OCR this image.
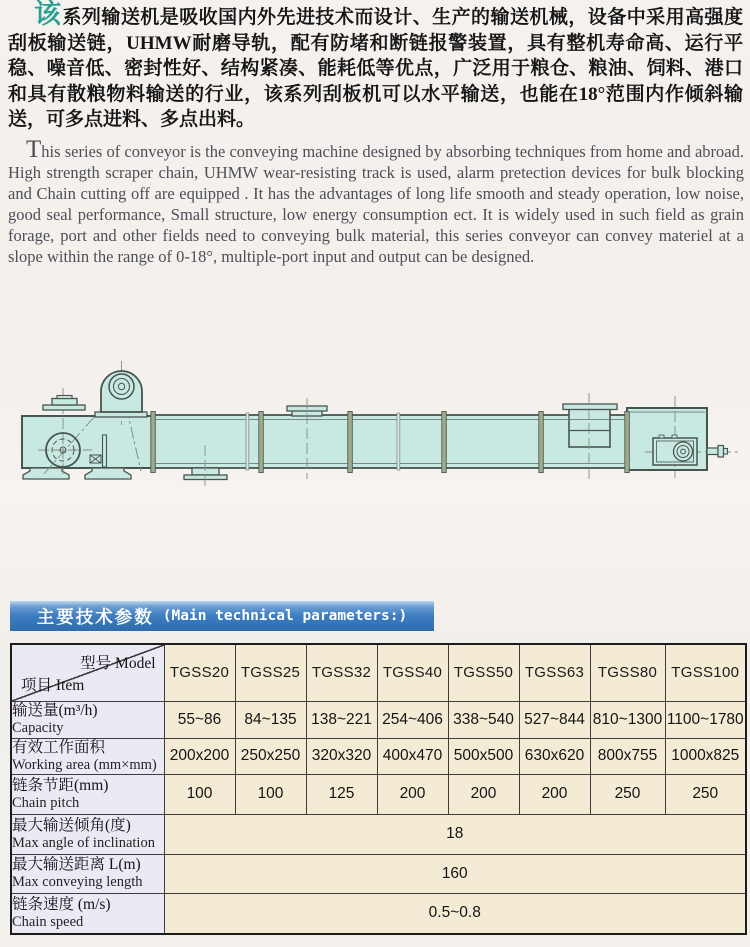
该系列输送机是吸收国内外先进技术而设计、生产的输送机械，设备中采用高强度刮板输送链，UHMW耐磨导轨，配有防堵和断链报警装置，具有整机寿命高、运行平稳、噪音低、密封性好、结构紧凑、能耗低等优点，广泛用于粮仓、粮油、饲料、港口和具有散粮物料输送的行业，该系列刮板机可以水平输送，也能在18°范围内作倾斜输送，可多点进料、多点出料。

This series of conveyor is the conveying machine designed by absorbing techniques from home and abroad. High strength scraper chain, UHMW wear-resisting track is used, alarm pretection devices for bulk blocking and Chain cutting off are equipped . It has the advantages of long life smooth and steady operation, low noise, good seal performance, Small structure, low energy consumption ect. It is widely used in such field as grain forage, port and other fields need to conveying bulk material, this series conveyor can convey materiel at a slope within the range of 0-18°, multiple-port input and output can be designed.

主要技术参数 (Main technical parameters:)
型号 Model
项目 Item	TGSS20	TGSS25	TGSS32	TGSS40	TGSS50	TGSS63	TGSS80	TGSS100

输送量(m³/h)
Capacity	55~86	84~135	138~221	254~406	338~540	527~844	810~1300	1100~1780

有效工作面积
Working area (mm×mm)	200x200	250x250	320x320	400x470	500x500	630x620	800x755	1000x825

链条节距(mm)
Chain pitch	100	100	125	200	200	200	250	250

最大输送倾角(度)
Max angle of inclination	18							

最大输送距离 L(m)
Max conveying length	160							

链条速度 (m/s)
Chain speed	0.5~0.8							
